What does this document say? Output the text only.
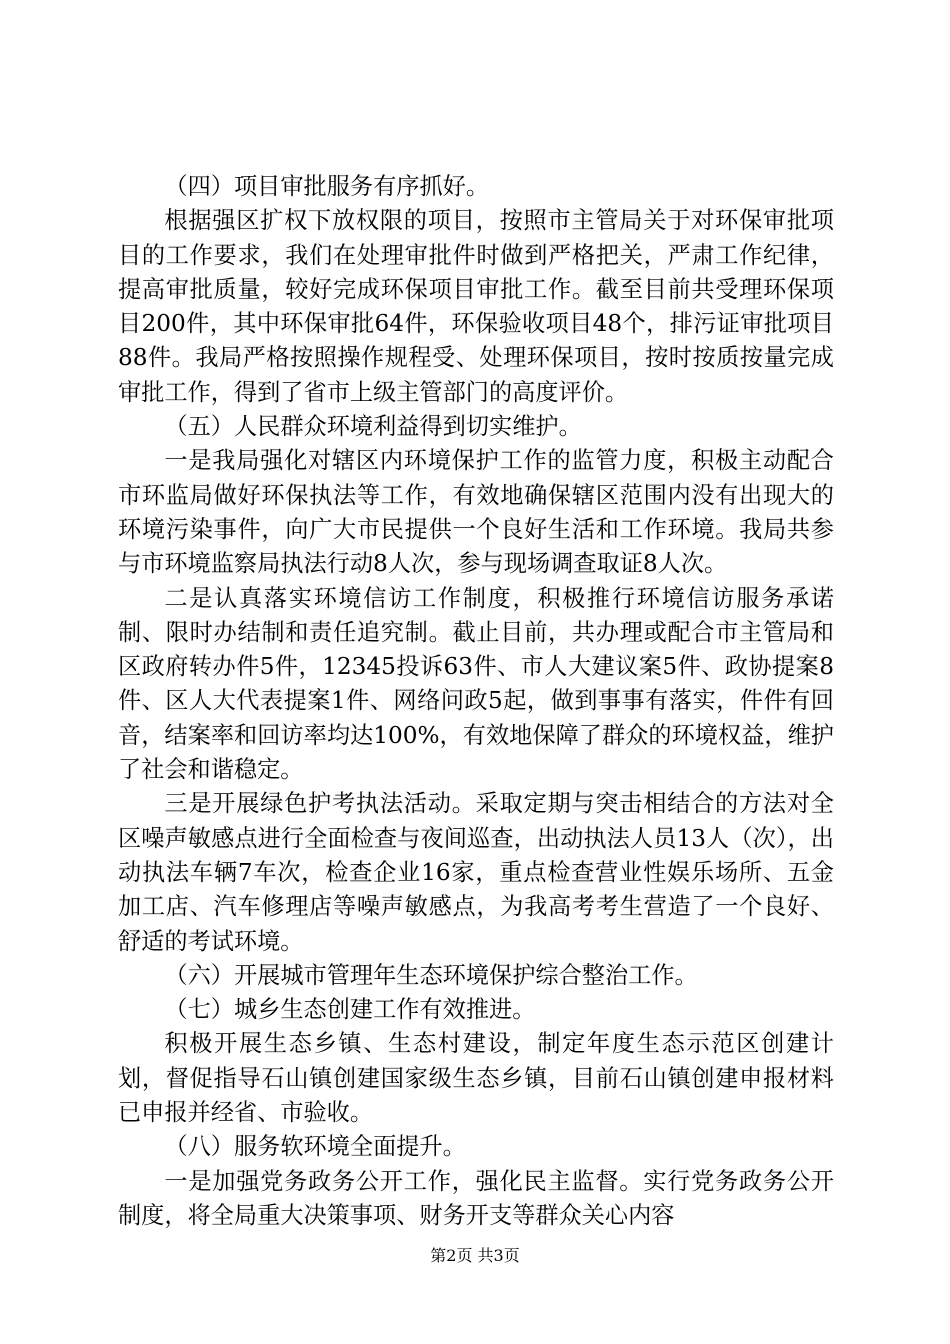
（四）项目审批服务有序抓好。

根据强区扩权下放权限的项目，按照市主管局关于对环保审批项目的工作要求，我们在处理审批件时做到严格把关，严肃工作纪律，提高审批质量，较好完成环保项目审批工作。截至目前共受理环保项目200件，其中环保审批64件，环保验收项目48个，排污证审批项目88件。我局严格按照操作规程受、处理环保项目，按时按质按量完成审批工作，得到了省市上级主管部门的高度评价。

（五）人民群众环境利益得到切实维护。

一是我局强化对辖区内环境保护工作的监管力度，积极主动配合市环监局做好环保执法等工作，有效地确保辖区范围内没有出现大的环境污染事件，向广大市民提供一个良好生活和工作环境。我局共参与市环境监察局执法行动8人次，参与现场调查取证8人次。

二是认真落实环境信访工作制度，积极推行环境信访服务承诺制、限时办结制和责任追究制。截止目前，共办理或配合市主管局和区政府转办件5件，12345投诉63件、市人大建议案5件、政协提案8件、区人大代表提案1件、网络问政5起，做到事事有落实，件件有回音，结案率和回访率均达100%，有效地保障了群众的环境权益，维护了社会和谐稳定。

三是开展绿色护考执法活动。采取定期与突击相结合的方法对全区噪声敏感点进行全面检查与夜间巡查，出动执法人员13人（次），出动执法车辆7车次，检查企业16家，重点检查营业性娱乐场所、五金加工店、汽车修理店等噪声敏感点，为我高考考生营造了一个良好、舒适的考试环境。

（六）开展城市管理年生态环境保护综合整治工作。

（七）城乡生态创建工作有效推进。

积极开展生态乡镇、生态村建设，制定年度生态示范区创建计划，督促指导石山镇创建国家级生态乡镇，目前石山镇创建申报材料已申报并经省、市验收。

（八）服务软环境全面提升。

一是加强党务政务公开工作，强化民主监督。实行党务政务公开制度，将全局重大决策事项、财务开支等群众关心内容

第2页 共3页
